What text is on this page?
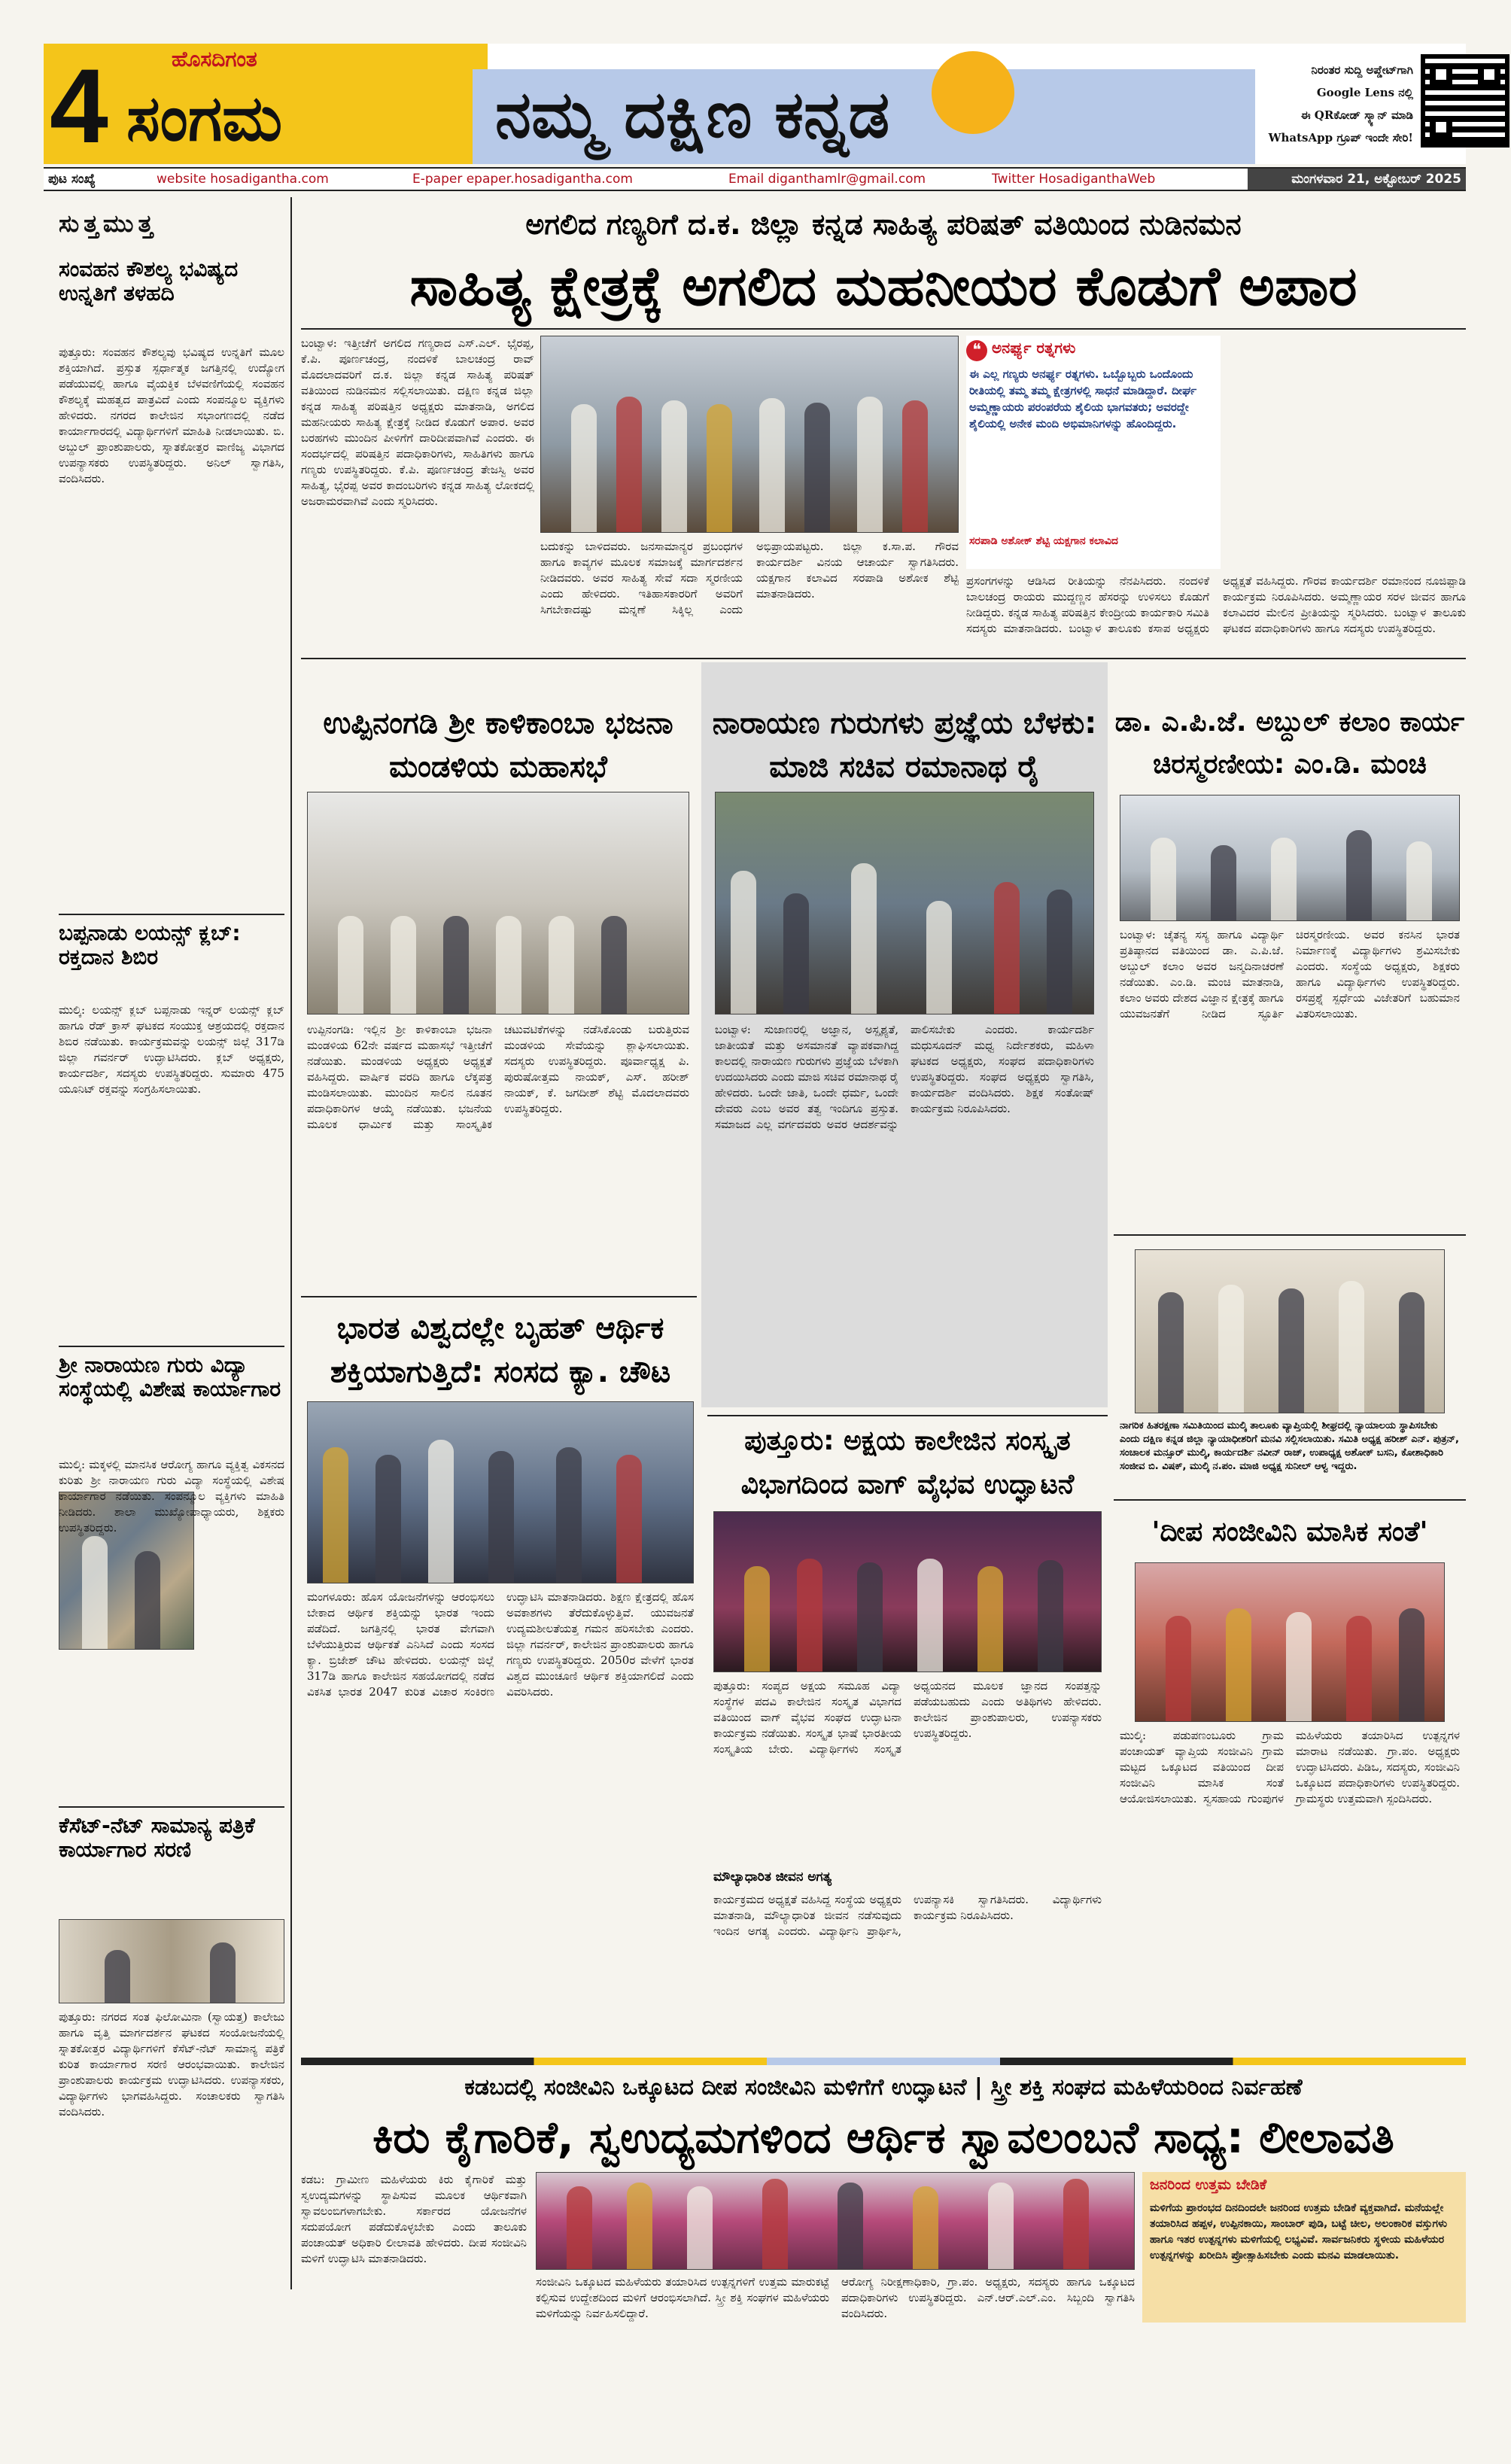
4	ಹೊಸದಿಗಂತ
ಸಂಗಮ	ನಮ್ಮ ದಕ್ಷಿಣ ಕನ್ನಡ
ನಿರಂತರ ಸುದ್ದಿ ಅಪ್ಡೇಟ್‌ಗಾಗಿ
Google Lens ನಲ್ಲಿ
ಈ QRಕೋಡ್ ಸ್ಕ್ಯಾನ್ ಮಾಡಿ
WhatsApp ಗ್ರೂಪ್ ಇಂದೇ ಸೇರಿ!
ಪುಟ ಸಂಖ್ಯೆ	website hosadigantha.com	E-paper epaper.hosadigantha.com	Email diganthamlr@gmail.com	Twitter HosadiganthaWeb	ಮಂಗಳವಾರ 21, ಅಕ್ಟೋಬರ್ 2025
ಸುತ್ತಮುತ್ತ
ಸಂವಹನ ಕೌಶಲ್ಯ ಭವಿಷ್ಯದ ಉನ್ನತಿಗೆ ತಳಹದಿ
ಪುತ್ತೂರು: ಸಂವಹನ ಕೌಶಲ್ಯವು ಭವಿಷ್ಯದ ಉನ್ನತಿಗೆ ಮೂಲ ಶಕ್ತಿಯಾಗಿದೆ. ಪ್ರಸ್ತುತ ಸ್ಪರ್ಧಾತ್ಮಕ ಜಗತ್ತಿನಲ್ಲಿ ಉದ್ಯೋಗ ಪಡೆಯುವಲ್ಲಿ ಹಾಗೂ ವೈಯಕ್ತಿಕ ಬೆಳವಣಿಗೆಯಲ್ಲಿ ಸಂವಹನ ಕೌಶಲ್ಯಕ್ಕೆ ಮಹತ್ವದ ಪಾತ್ರವಿದೆ ಎಂದು ಸಂಪನ್ಮೂಲ ವ್ಯಕ್ತಿಗಳು ಹೇಳಿದರು. ನಗರದ ಕಾಲೇಜಿನ ಸಭಾಂಗಣದಲ್ಲಿ ನಡೆದ ಕಾರ್ಯಾಗಾರದಲ್ಲಿ ವಿದ್ಯಾರ್ಥಿಗಳಿಗೆ ಮಾಹಿತಿ ನೀಡಲಾಯಿತು. ಬಿ. ಅಬ್ದುಲ್ ಪ್ರಾಂಶುಪಾಲರು, ಸ್ನಾತಕೋತ್ತರ ವಾಣಿಜ್ಯ ವಿಭಾಗದ ಉಪನ್ಯಾಸಕರು ಉಪಸ್ಥಿತರಿದ್ದರು. ಅನಿಲ್ ಸ್ವಾಗತಿಸಿ, ವಂದಿಸಿದರು.
ಬಪ್ಪನಾಡು ಲಯನ್ಸ್ ಕ್ಲಬ್: ರಕ್ತದಾನ ಶಿಬಿರ
ಮುಲ್ಕಿ: ಲಯನ್ಸ್ ಕ್ಲಬ್ ಬಪ್ಪನಾಡು ಇನ್ನರ್ ಲಯನ್ಸ್ ಕ್ಲಬ್ ಹಾಗೂ ರೆಡ್ ಕ್ರಾಸ್ ಘಟಕದ ಸಂಯುಕ್ತ ಆಶ್ರಯದಲ್ಲಿ ರಕ್ತದಾನ ಶಿಬಿರ ನಡೆಯಿತು. ಕಾರ್ಯಕ್ರಮವನ್ನು ಲಯನ್ಸ್ ಜಿಲ್ಲೆ 317ಡಿ ಜಿಲ್ಲಾ ಗವರ್ನರ್ ಉದ್ಘಾಟಿಸಿದರು. ಕ್ಲಬ್ ಅಧ್ಯಕ್ಷರು, ಕಾರ್ಯದರ್ಶಿ, ಸದಸ್ಯರು ಉಪಸ್ಥಿತರಿದ್ದರು. ಸುಮಾರು 475 ಯೂನಿಟ್ ರಕ್ತವನ್ನು ಸಂಗ್ರಹಿಸಲಾಯಿತು.
ಶ್ರೀ ನಾರಾಯಣ ಗುರು ವಿದ್ಯಾ ಸಂಸ್ಥೆಯಲ್ಲಿ ವಿಶೇಷ ಕಾರ್ಯಾಗಾರ
ಮುಲ್ಕಿ: ಮಕ್ಕಳಲ್ಲಿ ಮಾನಸಿಕ ಆರೋಗ್ಯ ಹಾಗೂ ವ್ಯಕ್ತಿತ್ವ ವಿಕಸನದ ಕುರಿತು ಶ್ರೀ ನಾರಾಯಣ ಗುರು ವಿದ್ಯಾ ಸಂಸ್ಥೆಯಲ್ಲಿ ವಿಶೇಷ ಕಾರ್ಯಾಗಾರ ನಡೆಯಿತು. ಸಂಪನ್ಮೂಲ ವ್ಯಕ್ತಿಗಳು ಮಾಹಿತಿ ನೀಡಿದರು. ಶಾಲಾ ಮುಖ್ಯೋಪಾಧ್ಯಾಯರು, ಶಿಕ್ಷಕರು ಉಪಸ್ಥಿತರಿದ್ದರು.
ಕೆಸೆಟ್-ನೆಟ್ ಸಾಮಾನ್ಯ ಪತ್ರಿಕೆ ಕಾರ್ಯಾಗಾರ ಸರಣಿ
ಪುತ್ತೂರು: ನಗರದ ಸಂತ ಫಿಲೋಮಿನಾ (ಸ್ವಾಯತ್ತ) ಕಾಲೇಜು ಹಾಗೂ ವೃತ್ತಿ ಮಾರ್ಗದರ್ಶನ ಘಟಕದ ಸಂಯೋಜನೆಯಲ್ಲಿ ಸ್ನಾತಕೋತ್ತರ ವಿದ್ಯಾರ್ಥಿಗಳಿಗೆ ಕೆಸೆಟ್-ನೆಟ್ ಸಾಮಾನ್ಯ ಪತ್ರಿಕೆ ಕುರಿತ ಕಾರ್ಯಾಗಾರ ಸರಣಿ ಆರಂಭವಾಯಿತು. ಕಾಲೇಜಿನ ಪ್ರಾಂಶುಪಾಲರು ಕಾರ್ಯಕ್ರಮ ಉದ್ಘಾಟಿಸಿದರು. ಉಪನ್ಯಾಸಕರು, ವಿದ್ಯಾರ್ಥಿಗಳು ಭಾಗವಹಿಸಿದ್ದರು. ಸಂಚಾಲಕರು ಸ್ವಾಗತಿಸಿ ವಂದಿಸಿದರು.
ಅಗಲಿದ ಗಣ್ಯರಿಗೆ ದ.ಕ. ಜಿಲ್ಲಾ ಕನ್ನಡ ಸಾಹಿತ್ಯ ಪರಿಷತ್ ವತಿಯಿಂದ ನುಡಿನಮನ
ಸಾಹಿತ್ಯ ಕ್ಷೇತ್ರಕ್ಕೆ ಅಗಲಿದ ಮಹನೀಯರ ಕೊಡುಗೆ ಅಪಾರ
ಬಂಟ್ವಾಳ: ಇತ್ತೀಚೆಗೆ ಅಗಲಿದ ಗಣ್ಯರಾದ ಎಸ್.ಎಲ್. ಭೈರಪ್ಪ, ಕೆ.ಪಿ. ಪೂರ್ಣಚಂದ್ರ, ನಂದಳಿಕೆ ಬಾಲಚಂದ್ರ ರಾವ್ ಮೊದಲಾದವರಿಗೆ ದ.ಕ. ಜಿಲ್ಲಾ ಕನ್ನಡ ಸಾಹಿತ್ಯ ಪರಿಷತ್ ವತಿಯಿಂದ ನುಡಿನಮನ ಸಲ್ಲಿಸಲಾಯಿತು. ದಕ್ಷಿಣ ಕನ್ನಡ ಜಿಲ್ಲಾ ಕನ್ನಡ ಸಾಹಿತ್ಯ ಪರಿಷತ್ತಿನ ಅಧ್ಯಕ್ಷರು ಮಾತನಾಡಿ, ಅಗಲಿದ ಮಹನೀಯರು ಸಾಹಿತ್ಯ ಕ್ಷೇತ್ರಕ್ಕೆ ನೀಡಿದ ಕೊಡುಗೆ ಅಪಾರ. ಅವರ ಬರಹಗಳು ಮುಂದಿನ ಪೀಳಿಗೆಗೆ ದಾರಿದೀಪವಾಗಿವೆ ಎಂದರು. ಈ ಸಂದರ್ಭದಲ್ಲಿ ಪರಿಷತ್ತಿನ ಪದಾಧಿಕಾರಿಗಳು, ಸಾಹಿತಿಗಳು ಹಾಗೂ ಗಣ್ಯರು ಉಪಸ್ಥಿತರಿದ್ದರು. ಕೆ.ಪಿ. ಪೂರ್ಣಚಂದ್ರ ತೇಜಸ್ವಿ ಅವರ ಸಾಹಿತ್ಯ, ಭೈರಪ್ಪ ಅವರ ಕಾದಂಬರಿಗಳು ಕನ್ನಡ ಸಾಹಿತ್ಯ ಲೋಕದಲ್ಲಿ ಅಜರಾಮರವಾಗಿವೆ ಎಂದು ಸ್ಮರಿಸಿದರು.
ಬದುಕನ್ನು ಬಾಳಿದವರು. ಜನಸಾಮಾನ್ಯರ ಪ್ರಬಂಧಗಳ ಹಾಗೂ ಕಾವ್ಯಗಳ ಮೂಲಕ ಸಮಾಜಕ್ಕೆ ಮಾರ್ಗದರ್ಶನ ನೀಡಿದವರು. ಅವರ ಸಾಹಿತ್ಯ ಸೇವೆ ಸದಾ ಸ್ಮರಣೀಯ ಎಂದು ಹೇಳಿದರು. ಇತಿಹಾಸಕಾರರಿಗೆ ಅವರಿಗೆ ಸಿಗಬೇಕಾದಷ್ಟು ಮನ್ನಣೆ ಸಿಕ್ಕಿಲ್ಲ ಎಂದು ಅಭಿಪ್ರಾಯಪಟ್ಟರು. ಜಿಲ್ಲಾ ಕ.ಸಾ.ಪ. ಗೌರವ ಕಾರ್ಯದರ್ಶಿ ವಿನಯ ಆಚಾರ್ಯ ಸ್ವಾಗತಿಸಿದರು. ಯಕ್ಷಗಾನ ಕಲಾವಿದ ಸರಪಾಡಿ ಅಶೋಕ ಶೆಟ್ಟಿ ಮಾತನಾಡಿದರು.
❝ ಅನರ್ಘ್ಯ ರತ್ನಗಳು
ಈ ಎಲ್ಲ ಗಣ್ಯರು ಅನರ್ಘ್ಯ ರತ್ನಗಳು. ಒಬ್ಬೊಬ್ಬರು ಒಂದೊಂದು ರೀತಿಯಲ್ಲಿ ತಮ್ಮ ತಮ್ಮ ಕ್ಷೇತ್ರಗಳಲ್ಲಿ ಸಾಧನೆ ಮಾಡಿದ್ದಾರೆ. ದೀರ್ಘ ಅಮ್ಮಣ್ಣಾಯರು ಪರಂಪರೆಯ ಶೈಲಿಯ ಭಾಗವತರು; ಅವರದ್ದೇ ಶೈಲಿಯಲ್ಲಿ ಅನೇಕ ಮಂದಿ ಅಭಿಮಾನಿಗಳನ್ನು ಹೊಂದಿದ್ದರು.
ಸರಪಾಡಿ ಅಶೋಕ್ ಶೆಟ್ಟಿ ಯಕ್ಷಗಾನ ಕಲಾವಿದ
ಪ್ರಸಂಗಗಳನ್ನು ಆಡಿಸಿದ ರೀತಿಯನ್ನು ನೆನಪಿಸಿದರು. ನಂದಳಿಕೆ ಬಾಲಚಂದ್ರ ರಾಯರು ಮುದ್ದಣ್ಣನ ಹೆಸರನ್ನು ಉಳಿಸಲು ಕೊಡುಗೆ ನೀಡಿದ್ದರು. ಕನ್ನಡ ಸಾಹಿತ್ಯ ಪರಿಷತ್ತಿನ ಕೇಂದ್ರೀಯ ಕಾರ್ಯಕಾರಿ ಸಮಿತಿ ಸದಸ್ಯರು ಮಾತನಾಡಿದರು. ಬಂಟ್ವಾಳ ತಾಲೂಕು ಕಸಾಪ ಅಧ್ಯಕ್ಷರು ಅಧ್ಯಕ್ಷತೆ ವಹಿಸಿದ್ದರು. ಗೌರವ ಕಾರ್ಯದರ್ಶಿ ರಮಾನಂದ ನೂಜಿಪ್ಪಾಡಿ ಕಾರ್ಯಕ್ರಮ ನಿರೂಪಿಸಿದರು. ಅಮ್ಮಣ್ಣಾಯರ ಸರಳ ಜೀವನ ಹಾಗೂ ಕಲಾವಿದರ ಮೇಲಿನ ಪ್ರೀತಿಯನ್ನು ಸ್ಮರಿಸಿದರು. ಬಂಟ್ವಾಳ ತಾಲೂಕು ಘಟಕದ ಪದಾಧಿಕಾರಿಗಳು ಹಾಗೂ ಸದಸ್ಯರು ಉಪಸ್ಥಿತರಿದ್ದರು.
ಉಪ್ಪಿನಂಗಡಿ ಶ್ರೀ ಕಾಳಿಕಾಂಬಾ ಭಜನಾ ಮಂಡಳಿಯ ಮಹಾಸಭೆ
ಉಪ್ಪಿನಂಗಡಿ: ಇಲ್ಲಿನ ಶ್ರೀ ಕಾಳಿಕಾಂಬಾ ಭಜನಾ ಮಂಡಳಿಯ 62ನೇ ವರ್ಷದ ಮಹಾಸಭೆ ಇತ್ತೀಚೆಗೆ ನಡೆಯಿತು. ಮಂಡಳಿಯ ಅಧ್ಯಕ್ಷರು ಅಧ್ಯಕ್ಷತೆ ವಹಿಸಿದ್ದರು. ವಾರ್ಷಿಕ ವರದಿ ಹಾಗೂ ಲೆಕ್ಕಪತ್ರ ಮಂಡಿಸಲಾಯಿತು. ಮುಂದಿನ ಸಾಲಿನ ನೂತನ ಪದಾಧಿಕಾರಿಗಳ ಆಯ್ಕೆ ನಡೆಯಿತು. ಭಜನೆಯ ಮೂಲಕ ಧಾರ್ಮಿಕ ಮತ್ತು ಸಾಂಸ್ಕೃತಿಕ ಚಟುವಟಿಕೆಗಳನ್ನು ನಡೆಸಿಕೊಂಡು ಬರುತ್ತಿರುವ ಮಂಡಳಿಯ ಸೇವೆಯನ್ನು ಶ್ಲಾಘಿಸಲಾಯಿತು. ಸದಸ್ಯರು ಉಪಸ್ಥಿತರಿದ್ದರು. ಪೂರ್ವಾಧ್ಯಕ್ಷ ಪಿ. ಪುರುಷೋತ್ತಮ ನಾಯಕ್, ಎಸ್. ಹರೀಶ್ ನಾಯಕ್, ಕೆ. ಜಗದೀಶ್ ಶೆಟ್ಟಿ ಮೊದಲಾದವರು ಉಪಸ್ಥಿತರಿದ್ದರು.
ನಾರಾಯಣ ಗುರುಗಳು ಪ್ರಜ್ಞೆಯ ಬೆಳಕು: ಮಾಜಿ ಸಚಿವ ರಮಾನಾಥ ರೈ
ಬಂಟ್ವಾಳ: ಸುಜಾಣರಲ್ಲಿ ಅಜ್ಞಾನ, ಅಸ್ಪೃಶ್ಯತೆ, ಜಾತೀಯತೆ ಮತ್ತು ಅಸಮಾನತೆ ವ್ಯಾಪಕವಾಗಿದ್ದ ಕಾಲದಲ್ಲಿ ನಾರಾಯಣ ಗುರುಗಳು ಪ್ರಜ್ಞೆಯ ಬೆಳಕಾಗಿ ಉದಯಿಸಿದರು ಎಂದು ಮಾಜಿ ಸಚಿವ ರಮಾನಾಥ ರೈ ಹೇಳಿದರು. ಒಂದೇ ಜಾತಿ, ಒಂದೇ ಧರ್ಮ, ಒಂದೇ ದೇವರು ಎಂಬ ಅವರ ತತ್ವ ಇಂದಿಗೂ ಪ್ರಸ್ತುತ. ಸಮಾಜದ ಎಲ್ಲ ವರ್ಗದವರು ಅವರ ಆದರ್ಶವನ್ನು ಪಾಲಿಸಬೇಕು ಎಂದರು. ಕಾರ್ಯದರ್ಶಿ ಮಧುಸೂದನ್ ಮಧ್ವ ನಿರ್ದೇಶಕರು, ಮಹಿಳಾ ಘಟಕದ ಅಧ್ಯಕ್ಷರು, ಸಂಘದ ಪದಾಧಿಕಾರಿಗಳು ಉಪಸ್ಥಿತರಿದ್ದರು. ಸಂಘದ ಅಧ್ಯಕ್ಷರು ಸ್ವಾಗತಿಸಿ, ಕಾರ್ಯದರ್ಶಿ ವಂದಿಸಿದರು. ಶಿಕ್ಷಕ ಸಂತೋಷ್ ಕಾರ್ಯಕ್ರಮ ನಿರೂಪಿಸಿದರು.
ಡಾ. ಎ.ಪಿ.ಜೆ. ಅಬ್ದುಲ್ ಕಲಾಂ ಕಾರ್ಯ ಚಿರಸ್ಮರಣೀಯ: ಎಂ.ಡಿ. ಮಂಚಿ
ಬಂಟ್ವಾಳ: ಚೈತನ್ಯ ಸಸ್ಯ ಹಾಗೂ ವಿದ್ಯಾರ್ಥಿ ಪ್ರತಿಷ್ಠಾನದ ವತಿಯಿಂದ ಡಾ. ಎ.ಪಿ.ಜೆ. ಅಬ್ದುಲ್ ಕಲಾಂ ಅವರ ಜನ್ಮದಿನಾಚರಣೆ ನಡೆಯಿತು. ಎಂ.ಡಿ. ಮಂಚಿ ಮಾತನಾಡಿ, ಕಲಾಂ ಅವರು ದೇಶದ ವಿಜ್ಞಾನ ಕ್ಷೇತ್ರಕ್ಕೆ ಹಾಗೂ ಯುವಜನತೆಗೆ ನೀಡಿದ ಸ್ಫೂರ್ತಿ ಚಿರಸ್ಮರಣೀಯ. ಅವರ ಕನಸಿನ ಭಾರತ ನಿರ್ಮಾಣಕ್ಕೆ ವಿದ್ಯಾರ್ಥಿಗಳು ಶ್ರಮಿಸಬೇಕು ಎಂದರು. ಸಂಸ್ಥೆಯ ಅಧ್ಯಕ್ಷರು, ಶಿಕ್ಷಕರು ಹಾಗೂ ವಿದ್ಯಾರ್ಥಿಗಳು ಉಪಸ್ಥಿತರಿದ್ದರು. ರಸಪ್ರಶ್ನೆ ಸ್ಪರ್ಧೆಯ ವಿಜೇತರಿಗೆ ಬಹುಮಾನ ವಿತರಿಸಲಾಯಿತು.
ನಾಗರಿಕ ಹಿತರಕ್ಷಣಾ ಸಮಿತಿಯಿಂದ ಮುಲ್ಕಿ ತಾಲೂಕು ವ್ಯಾಪ್ತಿಯಲ್ಲಿ ಶೀಘ್ರದಲ್ಲಿ ನ್ಯಾಯಾಲಯ ಸ್ಥಾಪಿಸಬೇಕು ಎಂದು ದಕ್ಷಿಣ ಕನ್ನಡ ಜಿಲ್ಲಾ ನ್ಯಾಯಾಧೀಶರಿಗೆ ಮನವಿ ಸಲ್ಲಿಸಲಾಯಿತು. ಸಮಿತಿ ಅಧ್ಯಕ್ಷ ಹರೀಶ್ ಎನ್. ಪುತ್ರನ್, ಸಂಚಾಲಕ ಮನ್ಸೂರ್ ಮುಲ್ಕಿ, ಕಾರ್ಯದರ್ಶಿ ನವೀನ್ ರಾಜ್, ಉಪಾಧ್ಯಕ್ಷ ಅಶೋಕ್ ಬಸನಿ, ಕೋಶಾಧಿಕಾರಿ ಸಂಜೀವ ಬಿ. ವಿಷಕ್, ಮುಲ್ಕಿ ನ.ಪಂ. ಮಾಜಿ ಅಧ್ಯಕ್ಷ ಸುನೀಲ್ ಆಳ್ವ ಇದ್ದರು.
ಭಾರತ ವಿಶ್ವದಲ್ಲೇ ಬೃಹತ್ ಆರ್ಥಿಕ ಶಕ್ತಿಯಾಗುತ್ತಿದೆ: ಸಂಸದ ಕ್ಯಾ. ಚೌಟ
ಮಂಗಳೂರು: ಹೊಸ ಯೋಜನೆಗಳನ್ನು ಆರಂಭಿಸಲು ಬೇಕಾದ ಆರ್ಥಿಕ ಶಕ್ತಿಯನ್ನು ಭಾರತ ಇಂದು ಪಡೆದಿದೆ. ಜಗತ್ತಿನಲ್ಲಿ ಭಾರತ ವೇಗವಾಗಿ ಬೆಳೆಯುತ್ತಿರುವ ಆರ್ಥಿಕತೆ ಎನಿಸಿದೆ ಎಂದು ಸಂಸದ ಕ್ಯಾ. ಬ್ರಿಜೇಶ್ ಚೌಟ ಹೇಳಿದರು. ಲಯನ್ಸ್ ಜಿಲ್ಲೆ 317ಡಿ ಹಾಗೂ ಕಾಲೇಜಿನ ಸಹಯೋಗದಲ್ಲಿ ನಡೆದ ವಿಕಸಿತ ಭಾರತ 2047 ಕುರಿತ ವಿಚಾರ ಸಂಕಿರಣ ಉದ್ಘಾಟಿಸಿ ಮಾತನಾಡಿದರು. ಶಿಕ್ಷಣ ಕ್ಷೇತ್ರದಲ್ಲಿ ಹೊಸ ಅವಕಾಶಗಳು ತೆರೆದುಕೊಳ್ಳುತ್ತಿವೆ. ಯುವಜನತೆ ಉದ್ಯಮಶೀಲತೆಯತ್ತ ಗಮನ ಹರಿಸಬೇಕು ಎಂದರು. ಜಿಲ್ಲಾ ಗವರ್ನರ್, ಕಾಲೇಜಿನ ಪ್ರಾಂಶುಪಾಲರು ಹಾಗೂ ಗಣ್ಯರು ಉಪಸ್ಥಿತರಿದ್ದರು. 2050ರ ವೇಳೆಗೆ ಭಾರತ ವಿಶ್ವದ ಮುಂಚೂಣಿ ಆರ್ಥಿಕ ಶಕ್ತಿಯಾಗಲಿದೆ ಎಂದು ವಿವರಿಸಿದರು.
ಪುತ್ತೂರು: ಅಕ್ಷಯ ಕಾಲೇಜಿನ ಸಂಸ್ಕೃತ ವಿಭಾಗದಿಂದ ವಾಗ್ ವೈಭವ ಉದ್ಘಾಟನೆ
ಪುತ್ತೂರು: ಸಂಪ್ಯದ ಅಕ್ಷಯ ಸಮೂಹ ವಿದ್ಯಾ ಸಂಸ್ಥೆಗಳ ಪದವಿ ಕಾಲೇಜಿನ ಸಂಸ್ಕೃತ ವಿಭಾಗದ ವತಿಯಿಂದ ವಾಗ್ ವೈಭವ ಸಂಘದ ಉದ್ಘಾಟನಾ ಕಾರ್ಯಕ್ರಮ ನಡೆಯಿತು. ಸಂಸ್ಕೃತ ಭಾಷೆ ಭಾರತೀಯ ಸಂಸ್ಕೃತಿಯ ಬೇರು. ವಿದ್ಯಾರ್ಥಿಗಳು ಸಂಸ್ಕೃತ ಅಧ್ಯಯನದ ಮೂಲಕ ಜ್ಞಾನದ ಸಂಪತ್ತನ್ನು ಪಡೆಯಬಹುದು ಎಂದು ಅತಿಥಿಗಳು ಹೇಳಿದರು. ಕಾಲೇಜಿನ ಪ್ರಾಂಶುಪಾಲರು, ಉಪನ್ಯಾಸಕರು ಉಪಸ್ಥಿತರಿದ್ದರು.
ಮೌಲ್ಯಾಧಾರಿತ ಜೀವನ ಅಗತ್ಯ
ಕಾರ್ಯಕ್ರಮದ ಅಧ್ಯಕ್ಷತೆ ವಹಿಸಿದ್ದ ಸಂಸ್ಥೆಯ ಅಧ್ಯಕ್ಷರು ಮಾತನಾಡಿ, ಮೌಲ್ಯಾಧಾರಿತ ಜೀವನ ನಡೆಸುವುದು ಇಂದಿನ ಅಗತ್ಯ ಎಂದರು. ವಿದ್ಯಾರ್ಥಿನಿ ಪ್ರಾರ್ಥಿಸಿ, ಉಪನ್ಯಾಸಕಿ ಸ್ವಾಗತಿಸಿದರು. ವಿದ್ಯಾರ್ಥಿಗಳು ಕಾರ್ಯಕ್ರಮ ನಿರೂಪಿಸಿದರು.
'ದೀಪ ಸಂಜೀವಿನಿ ಮಾಸಿಕ ಸಂತೆ'
ಮುಲ್ಕಿ: ಪಡುಪಣಂಬೂರು ಗ್ರಾಮ ಪಂಚಾಯತ್ ವ್ಯಾಪ್ತಿಯ ಸಂಜೀವಿನಿ ಗ್ರಾಮ ಮಟ್ಟದ ಒಕ್ಕೂಟದ ವತಿಯಿಂದ ದೀಪ ಸಂಜೀವಿನಿ ಮಾಸಿಕ ಸಂತೆ ಆಯೋಜಿಸಲಾಯಿತು. ಸ್ವಸಹಾಯ ಗುಂಪುಗಳ ಮಹಿಳೆಯರು ತಯಾರಿಸಿದ ಉತ್ಪನ್ನಗಳ ಮಾರಾಟ ನಡೆಯಿತು. ಗ್ರಾ.ಪಂ. ಅಧ್ಯಕ್ಷರು ಉದ್ಘಾಟಿಸಿದರು. ಪಿಡಿಒ, ಸದಸ್ಯರು, ಸಂಜೀವಿನಿ ಒಕ್ಕೂಟದ ಪದಾಧಿಕಾರಿಗಳು ಉಪಸ್ಥಿತರಿದ್ದರು. ಗ್ರಾಮಸ್ಥರು ಉತ್ತಮವಾಗಿ ಸ್ಪಂದಿಸಿದರು.
ಕಡಬದಲ್ಲಿ ಸಂಜೀವಿನಿ ಒಕ್ಕೂಟದ ದೀಪ ಸಂಜೀವಿನಿ ಮಳಿಗೆಗೆ ಉದ್ಘಾಟನೆ | ಸ್ತ್ರೀ ಶಕ್ತಿ ಸಂಘದ ಮಹಿಳೆಯರಿಂದ ನಿರ್ವಹಣೆ
ಕಿರು ಕೈಗಾರಿಕೆ, ಸ್ವಉದ್ಯಮಗಳಿಂದ ಆರ್ಥಿಕ ಸ್ವಾವಲಂಬನೆ ಸಾಧ್ಯ: ಲೀಲಾವತಿ
ಕಡಬ: ಗ್ರಾಮೀಣ ಮಹಿಳೆಯರು ಕಿರು ಕೈಗಾರಿಕೆ ಮತ್ತು ಸ್ವಉದ್ಯಮಗಳನ್ನು ಸ್ಥಾಪಿಸುವ ಮೂಲಕ ಆರ್ಥಿಕವಾಗಿ ಸ್ವಾವಲಂಬಿಗಳಾಗಬೇಕು. ಸರ್ಕಾರದ ಯೋಜನೆಗಳ ಸದುಪಯೋಗ ಪಡೆದುಕೊಳ್ಳಬೇಕು ಎಂದು ತಾಲೂಕು ಪಂಚಾಯತ್ ಅಧಿಕಾರಿ ಲೀಲಾವತಿ ಹೇಳಿದರು. ದೀಪ ಸಂಜೀವಿನಿ ಮಳಿಗೆ ಉದ್ಘಾಟಿಸಿ ಮಾತನಾಡಿದರು.
ಸಂಜೀವಿನಿ ಒಕ್ಕೂಟದ ಮಹಿಳೆಯರು ತಯಾರಿಸಿದ ಉತ್ಪನ್ನಗಳಿಗೆ ಉತ್ತಮ ಮಾರುಕಟ್ಟೆ ಕಲ್ಪಿಸುವ ಉದ್ದೇಶದಿಂದ ಮಳಿಗೆ ಆರಂಭಿಸಲಾಗಿದೆ. ಸ್ತ್ರೀ ಶಕ್ತಿ ಸಂಘಗಳ ಮಹಿಳೆಯರು ಮಳಿಗೆಯನ್ನು ನಿರ್ವಹಿಸಲಿದ್ದಾರೆ.
ಆರೋಗ್ಯ ನಿರೀಕ್ಷಣಾಧಿಕಾರಿ, ಗ್ರಾ.ಪಂ. ಅಧ್ಯಕ್ಷರು, ಸದಸ್ಯರು ಹಾಗೂ ಒಕ್ಕೂಟದ ಪದಾಧಿಕಾರಿಗಳು ಉಪಸ್ಥಿತರಿದ್ದರು. ಎನ್.ಆರ್.ಎಲ್.ಎಂ. ಸಿಬ್ಬಂದಿ ಸ್ವಾಗತಿಸಿ ವಂದಿಸಿದರು.
ಜನರಿಂದ ಉತ್ತಮ ಬೇಡಿಕೆ
ಮಳಿಗೆಯ ಪ್ರಾರಂಭದ ದಿನದಿಂದಲೇ ಜನರಿಂದ ಉತ್ತಮ ಬೇಡಿಕೆ ವ್ಯಕ್ತವಾಗಿದೆ. ಮನೆಯಲ್ಲೇ ತಯಾರಿಸಿದ ಹಪ್ಪಳ, ಉಪ್ಪಿನಕಾಯಿ, ಸಾಂಬಾರ್ ಪುಡಿ, ಬಟ್ಟೆ ಚೀಲ, ಅಲಂಕಾರಿಕ ವಸ್ತುಗಳು ಹಾಗೂ ಇತರ ಉತ್ಪನ್ನಗಳು ಮಳಿಗೆಯಲ್ಲಿ ಲಭ್ಯವಿವೆ. ಸಾರ್ವಜನಿಕರು ಸ್ಥಳೀಯ ಮಹಿಳೆಯರ ಉತ್ಪನ್ನಗಳನ್ನು ಖರೀದಿಸಿ ಪ್ರೋತ್ಸಾಹಿಸಬೇಕು ಎಂದು ಮನವಿ ಮಾಡಲಾಯಿತು.
